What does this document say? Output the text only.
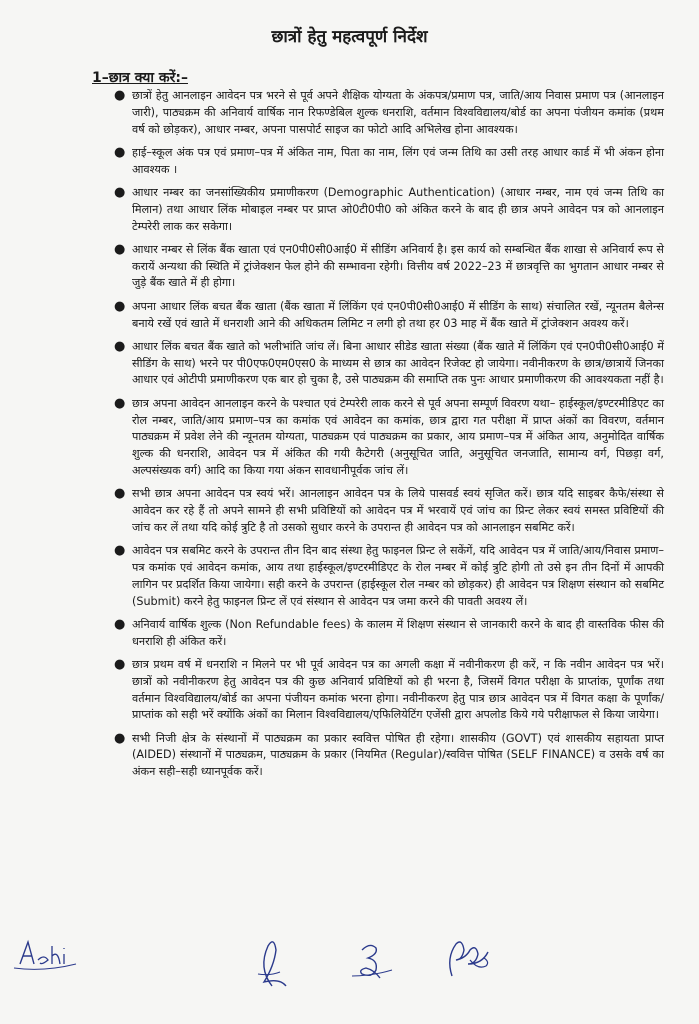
छात्रों हेतु महत्वपूर्ण निर्देश
1–छात्र क्या करें:–
● छात्रों हेतु आनलाइन आवेदन पत्र भरने से पूर्व अपने शैक्षिक योग्यता के अंकपत्र/प्रमाण पत्र, जाति/आय निवास प्रमाण पत्र (आनलाइन जारी), पाठ्यक्रम की अनिवार्य वार्षिक नान रिफण्डेबिल शुल्क धनराशि, वर्तमान विश्वविद्यालय/बोर्ड का अपना पंजीयन कमांक (प्रथम वर्ष को छोड़कर), आधार नम्बर, अपना पासपोर्ट साइज का फोटो आदि अभिलेख होना आवश्यक।
● हाई–स्कूल अंक पत्र एवं प्रमाण–पत्र में अंकित नाम, पिता का नाम, लिंग एवं जन्म तिथि का उसी तरह आधार कार्ड में भी अंकन होना आवश्यक ।
● आधार नम्बर का जनसांख्यिकीय प्रमाणीकरण (Demographic Authentication) (आधार नम्बर, नाम एवं जन्म तिथि का मिलान) तथा आधार लिंक मोबाइल नम्बर पर प्राप्त ओ0टी0पी0 को अंकित करने के बाद ही छात्र अपने आवेदन पत्र को आनलाइन टेम्परेरी लाक कर सकेगा।
● आधार नम्बर से लिंक बैंक खाता एवं एन0पी0सी0आई0 में सीडिंग अनिवार्य है। इस कार्य को सम्बन्धित बैंक शाखा से अनिवार्य रूप से करायें अन्यथा की स्थिति में ट्रांजेक्शन फेल होने की सम्भावना रहेगी। वित्तीय वर्ष 2022–23 में छात्रवृत्ति का भुगतान आधार नम्बर से जुड़े बैंक खाते में ही होगा।
● अपना आधार लिंक बचत बैंक खाता (बैंक खाता में लिंकिंग एवं एन0पी0सी0आई0 में सीडिंग के साथ) संचालित रखें, न्यूनतम बैलेन्स बनाये रखें एवं खाते में धनराशी आने की अधिकतम लिमिट न लगी हो तथा हर 03 माह में बैंक खाते में ट्रांजेक्शन अवश्य करें।
● आधार लिंक बचत बैंक खाते को भलीभांति जांच लें। बिना आधार सीडेड खाता संख्या (बैंक खाते में लिंकिंग एवं एन0पी0सी0आई0 में सीडिंग के साथ) भरने पर पी0एफ0एम0एस0 के माध्यम से छात्र का आवेदन रिजेक्ट हो जायेगा। नवीनीकरण के छात्र/छात्रायें जिनका आधार एवं ओटीपी प्रमाणीकरण एक बार हो चुका है, उसे पाठ्यक्रम की समाप्ति तक पुनः आधार प्रमाणीकरण की आवश्यकता नहीं है।
● छात्र अपना आवेदन आनलाइन करने के पश्चात एवं टेम्परेरी लाक करने से पूर्व अपना सम्पूर्ण विवरण यथा– हाईस्कूल/इण्टरमीडिएट का रोल नम्बर, जाति/आय प्रमाण–पत्र का कमांक एवं आवेदन का कमांक, छात्र द्वारा गत परीक्षा में प्राप्त अंकों का विवरण, वर्तमान पाठ्यक्रम में प्रवेश लेने की न्यूनतम योग्यता, पाठ्यक्रम एवं पाठ्यक्रम का प्रकार, आय प्रमाण–पत्र में अंकित आय, अनुमोदित वार्षिक शुल्क की धनराशि, आवेदन पत्र में अंकित की गयी कैटेगरी (अनुसूचित जाति, अनुसूचित जनजाति, सामान्य वर्ग, पिछड़ा वर्ग, अल्पसंख्यक वर्ग) आदि का किया गया अंकन सावधानीपूर्वक जांच लें।
● सभी छात्र अपना आवेदन पत्र स्वयं भरें। आनलाइन आवेदन पत्र के लिये पासवर्ड स्वयं सृजित करें। छात्र यदि साइबर कैफे/संस्था से आवेदन कर रहे हैं तो अपने सामने ही सभी प्रविष्टियों को आवेदन पत्र में भरवायें एवं जांच का प्रिन्ट लेकर स्वयं समस्त प्रविष्टियों की जांच कर लें तथा यदि कोई त्रुटि है तो उसको सुधार करने के उपरान्त ही आवेदन पत्र को आनलाइन सबमिट करें।
● आवेदन पत्र सबमिट करने के उपरान्त तीन दिन बाद संस्था हेतु फाइनल प्रिन्ट ले सकेंगें, यदि आवेदन पत्र में जाति/आय/निवास प्रमाण–पत्र कमांक एवं आवेदन कमांक, आय तथा हाईस्कूल/इण्टरमीडिएट के रोल नम्बर में कोई त्रुटि होगी तो उसे इन तीन दिनों में आपकी लागिन पर प्रदर्शित किया जायेगा। सही करने के उपरान्त (हाईस्कूल रोल नम्बर को छोड़कर) ही आवेदन पत्र शिक्षण संस्थान को सबमिट (Submit) करने हेतु फाइनल प्रिन्ट लें एवं संस्थान से आवेदन पत्र जमा करने की पावती अवश्य लें।
● अनिवार्य वार्षिक शुल्क (Non Refundable fees) के कालम में शिक्षण संस्थान से जानकारी करने के बाद ही वास्तविक फीस की धनराशि ही अंकित करें।
● छात्र प्रथम वर्ष में धनराशि न मिलने पर भी पूर्व आवेदन पत्र का अगली कक्षा में नवीनीकरण ही करें, न कि नवीन आवेदन पत्र भरें। छात्रों को नवीनीकरण हेतु आवेदन पत्र की कुछ अनिवार्य प्रविष्टियों को ही भरना है, जिसमें विगत परीक्षा के प्राप्तांक, पूर्णांक तथा वर्तमान विश्वविद्यालय/बोर्ड का अपना पंजीयन कमांक भरना होगा। नवीनीकरण हेतु पात्र छात्र आवेदन पत्र में विगत कक्षा के पूर्णांक/प्राप्तांक को सही भरें क्योंकि अंकों का मिलान विश्वविद्यालय/एफिलियेटिंग एजेंसी द्वारा अपलोड किये गये परीक्षाफल से किया जायेगा।
● सभी निजी क्षेत्र के संस्थानों में पाठ्यक्रम का प्रकार स्ववित्त पोषित ही रहेगा। शासकीय (GOVT) एवं शासकीय सहायता प्राप्त (AIDED) संस्थानों में पाठ्यक्रम, पाठ्यक्रम के प्रकार (नियमित (Regular)/स्ववित्त पोषित (SELF FINANCE) व उसके वर्ष का अंकन सही–सही ध्यानपूर्वक करें।
